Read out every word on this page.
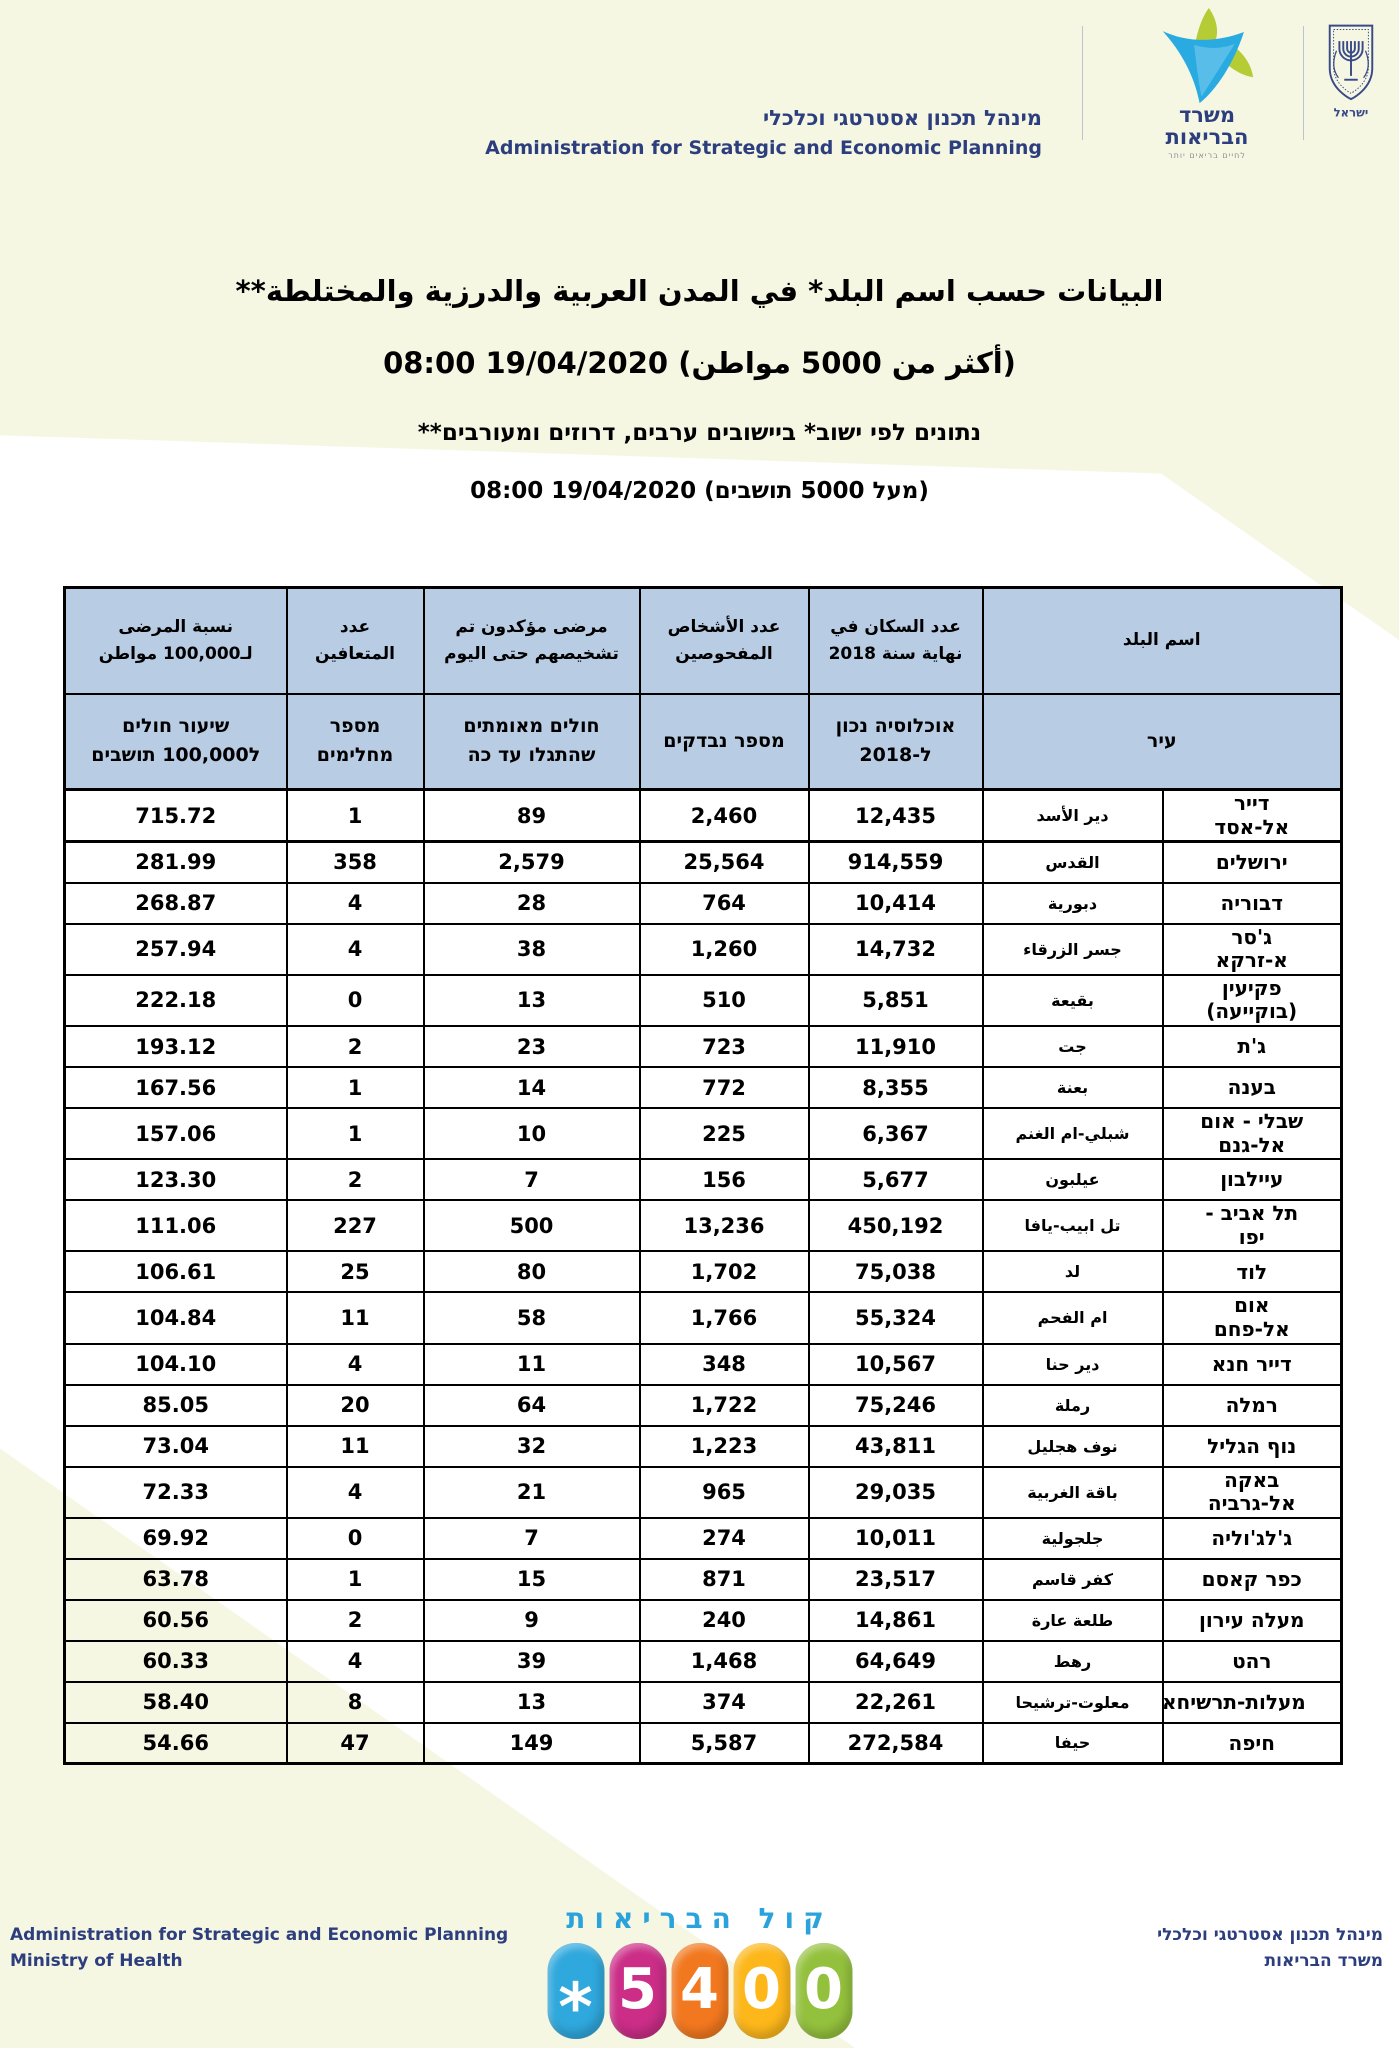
מינהל תכנון אסטרטגי וכלכלי
Administration for Strategic and Economic Planning
משרד
הבריאות
לחיים בריאים יותר
ישראל
البيانات حسب اسم البلد* في المدن العربية والدرزية والمختلطة**
(أكثر من 5000 مواطن) 19/04/2020 08:00
נתונים לפי ישוב* ביישובים ערבים, דרוזים ומעורבים**
(מעל 5000 תושבים) 19/04/2020 08:00
اسم البلد		عدد السكان في نهاية سنة 2018	عدد الأشخاص المفحوصين	مرضى مؤكدون تم تشخيصهم حتى اليوم	عدد المتعافين	نسبة المرضى لـ100,000 مواطن
עיר		אוכלוסיה נכון ל-2018	מספר נבדקים	חולים מאומתים שהתגלו עד כה	מספר מחלימים	שיעור חולים ל100,000 תושבים
דייר אל-אסד	دير الأسد	12,435	2,460	89	1	715.72
ירושלים	القدس	914,559	25,564	2,579	358	281.99
דבוריה	دبورية	10,414	764	28	4	268.87
ג'סר א-זרקא	جسر الزرقاء	14,732	1,260	38	4	257.94
פקיעין (בוקייעה)	بقيعة	5,851	510	13	0	222.18
ג'ת	جت	11,910	723	23	2	193.12
בענה	بعنة	8,355	772	14	1	167.56
שבלי - אום אל-גנם	شبلي-ام الغنم	6,367	225	10	1	157.06
עיילבון	عيلبون	5,677	156	7	2	123.30
תל אביב - יפו	تل ابيب-يافا	450,192	13,236	500	227	111.06
לוד	لد	75,038	1,702	80	25	106.61
אום אל-פחם	ام الفحم	55,324	1,766	58	11	104.84
דייר חנא	دير حنا	10,567	348	11	4	104.10
רמלה	رملة	75,246	1,722	64	20	85.05
נוף הגליל	نوف هجليل	43,811	1,223	32	11	73.04
באקה אל-גרביה	باقة الغربية	29,035	965	21	4	72.33
ג'לג'וליה	جلجولية	10,011	274	7	0	69.92
כפר קאסם	كفر قاسم	23,517	871	15	1	63.78
מעלה עירון	طلعة عارة	14,861	240	9	2	60.56
רהט	رهط	64,649	1,468	39	4	60.33
מעלות-תרשיחא	معلوت-ترشيحا	22,261	374	13	8	58.40
חיפה	حيفا	272,584	5,587	149	47	54.66
Administration for Strategic and Economic Planning
Ministry of Health
קול הבריאות
* 5 4 0 0
מינהל תכנון אסטרטגי וכלכלי
משרד הבריאות
